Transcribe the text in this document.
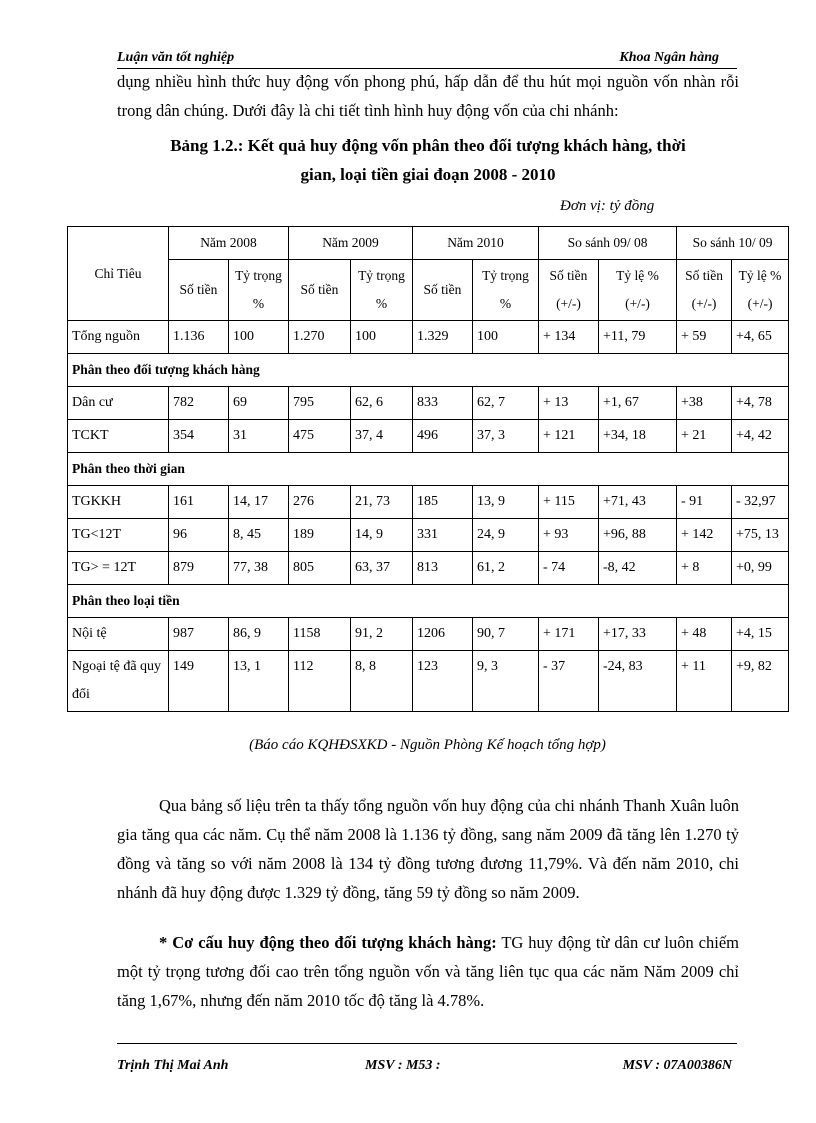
Luận văn tốt nghiệp	Khoa Ngân hàng
dụng nhiều hình thức huy động vốn phong phú, hấp dẫn để thu hút mọi nguồn vốn nhàn rỗi trong dân chúng. Dưới đây là chi tiết tình hình huy động vốn của chi nhánh:
Bảng 1.2.: Kết quả huy động vốn phân theo đối tượng khách hàng, thời
gian, loại tiền giai đoạn 2008 - 2010
Đơn vị: tỷ đồng
Chỉ Tiêu	Năm 2008		Năm 2009		Năm 2010		So sánh 09/ 08		So sánh 10/ 09	
	Số tiền	Tỷ trọng %	Số tiền	Tỷ trọng %	Số tiền	Tỷ trọng %	Số tiền (+/-)	Tỷ lệ % (+/-)	Số tiền (+/-)	Tỷ lệ % (+/-)
Tổng nguồn	1.136	100	1.270	100	1.329	100	+ 134	+11, 79	+ 59	+4, 65
Phân theo đối tượng khách hàng										
Dân cư	782	69	795	62, 6	833	62, 7	+ 13	+1, 67	+38	+4, 78
TCKT	354	31	475	37, 4	496	37, 3	+ 121	+34, 18	+ 21	+4, 42
Phân theo thời gian										
TGKKH	161	14, 17	276	21, 73	185	13, 9	+ 115	+71, 43	- 91	- 32,97
TG<12T	96	8, 45	189	14, 9	331	24, 9	+ 93	+96, 88	+ 142	+75, 13
TG> = 12T	879	77, 38	805	63, 37	813	61, 2	- 74	-8, 42	+ 8	+0, 99
Phân theo loại tiền										
Nội tệ	987	86, 9	1158	91, 2	1206	90, 7	+ 171	+17, 33	+ 48	+4, 15
Ngoại tệ đã quy đổi	149	13, 1	112	8, 8	123	9, 3	- 37	-24, 83	+ 11	+9, 82
(Báo cáo KQHĐSXKD - Nguồn Phòng Kế hoạch tổng hợp)
Qua bảng số liệu trên ta thấy tổng nguồn vốn huy động của chi nhánh Thanh Xuân luôn gia tăng qua các năm. Cụ thể năm 2008 là 1.136 tỷ đồng, sang năm 2009 đã tăng lên 1.270 tỷ đồng và tăng so với năm 2008 là 134 tỷ đồng tương đương 11,79%. Và đến năm 2010, chi nhánh đã huy động được 1.329 tỷ đồng, tăng 59 tỷ đồng so năm 2009.
* Cơ cấu huy động theo đối tượng khách hàng: TG huy động từ dân cư luôn chiếm một tỷ trọng tương đối cao trên tổng nguồn vốn và tăng liên tục qua các năm Năm 2009 chỉ tăng 1,67%, nhưng đến năm 2010 tốc độ tăng là 4.78%.
Trịnh Thị Mai Anh	MSV : M53 :	MSV : 07A00386N
